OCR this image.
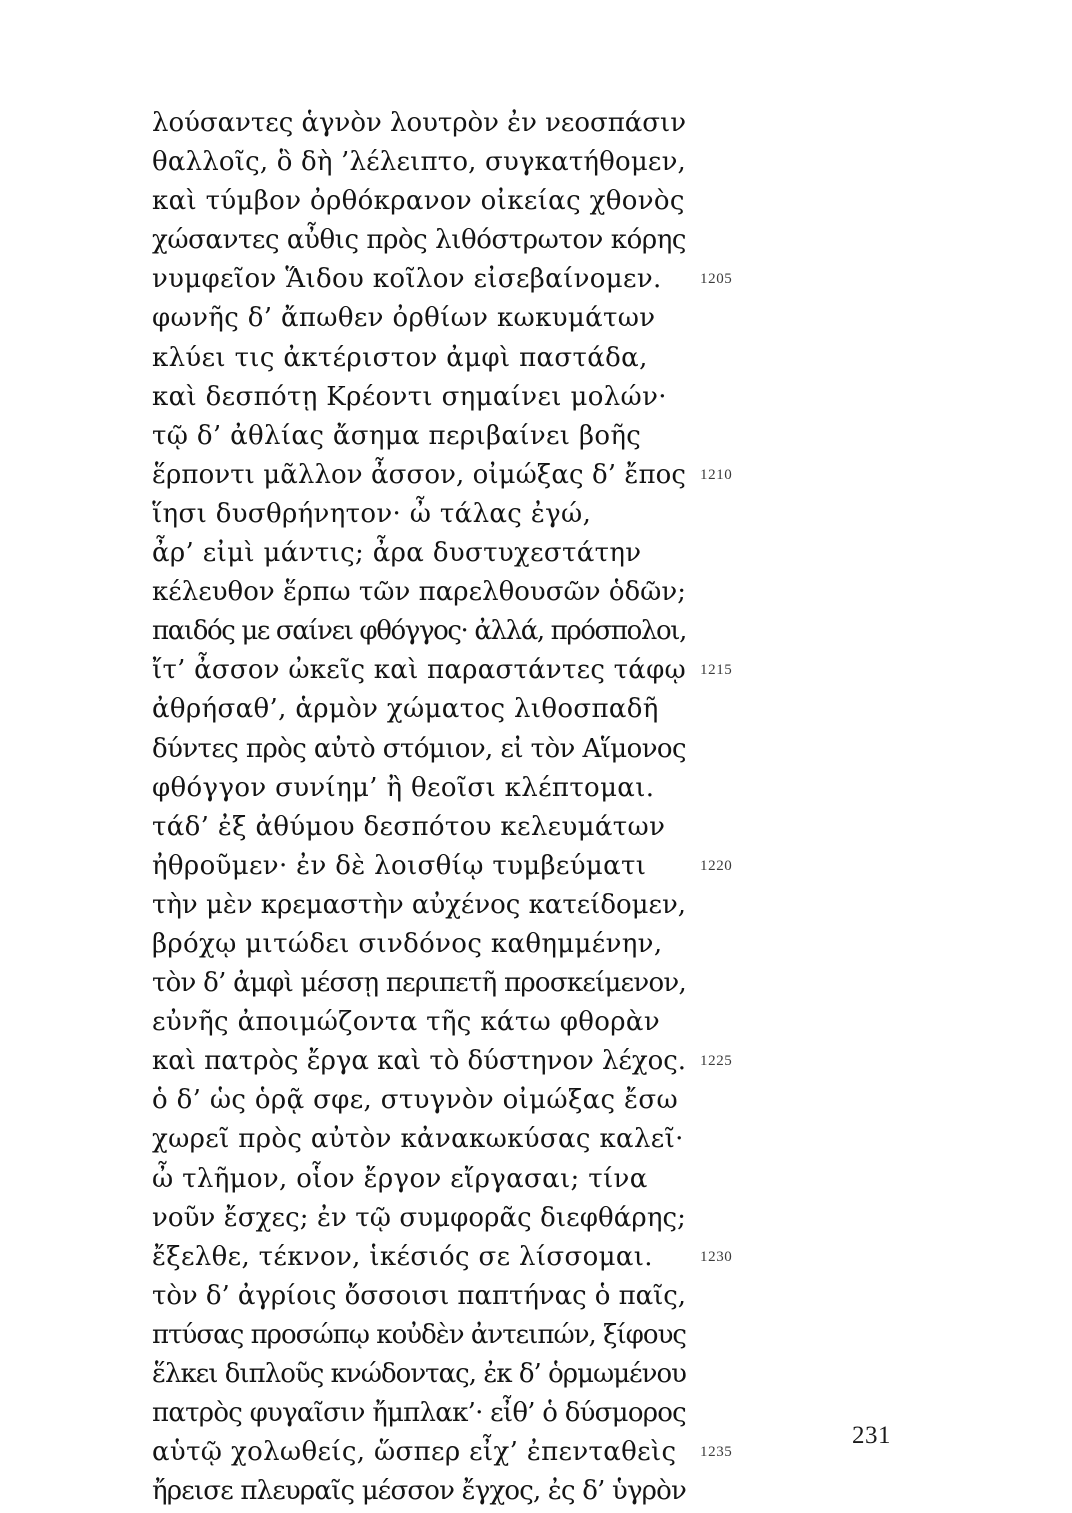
λούσαντες ἁγνὸν λουτρὸν ἐν νεοσπάσιν
θαλλοῖς, ὃ δὴ ’λέλειπτο, συγκατήθομεν,
καὶ τύμβον ὀρθόκρανον οἰκείας χθονὸς
χώσαντες αὖθις πρὸς λιθόστρωτον κόρης
νυμφεῖον Ἅιδου κοῖλον εἰσεβαίνομεν.	1205
φωνῆς δ’ ἄπωθεν ὀρθίων κωκυμάτων
κλύει τις ἀκτέριστον ἀμφὶ παστάδα,
καὶ δεσπότῃ Κρέοντι σημαίνει μολών·
τῷ δ’ ἀθλίας ἄσημα περιβαίνει βοῆς
ἕρποντι μᾶλλον ἆσσον, οἰμώξας δ’ ἔπος 1210
ἵησι δυσθρήνητον· ὦ τάλας ἐγώ,
ἆρ’ εἰμὶ μάντις; ἆρα δυστυχεστάτην
κέλευθον ἕρπω τῶν παρελθουσῶν ὁδῶν;
παιδός με σαίνει φθόγγος· ἀλλά, πρόσπολοι,
ἴτ’ ἆσσον ὠκεῖς καὶ παραστάντες τάφῳ 1215
ἀθρήσαθ’, ἁρμὸν χώματος λιθοσπαδῆ
δύντες πρὸς αὐτὸ στόμιον, εἰ τὸν Αἵμονος
φθόγγον συνίημ’ ἢ θεοῖσι κλέπτομαι.
τάδ’ ἐξ ἀθύμου δεσπότου κελευμάτων
ἠθροῦμεν· ἐν δὲ λοισθίῳ τυμβεύματι	1220
τὴν μὲν κρεμαστὴν αὐχένος κατείδομεν,
βρόχῳ μιτώδει σινδόνος καθημμένην,
τὸν δ’ ἀμφὶ μέσσῃ περιπετῆ προσκείμενον,
εὐνῆς ἀποιμώζοντα τῆς κάτω φθορὰν
καὶ πατρὸς ἔργα καὶ τὸ δύστηνον λέχος. 1225
ὁ δ’ ὡς ὁρᾷ σφε, στυγνὸν οἰμώξας ἔσω
χωρεῖ πρὸς αὐτὸν κἀνακωκύσας καλεῖ·
ὦ τλῆμον, οἷον ἔργον εἴργασαι; τίνα
νοῦν ἔσχες; ἐν τῷ συμφορᾶς διεφθάρης;
ἔξελθε, τέκνον, ἱκέσιός σε λίσσομαι.	1230
τὸν δ’ ἀγρίοις ὄσσοισι παπτήνας ὁ παῖς,
πτύσας προσώπῳ κοὐδὲν ἀντειπών, ξίφους
ἕλκει διπλοῦς κνώδοντας, ἐκ δ’ ὁρμωμένου
πατρὸς φυγαῖσιν ἤμπλακ’· εἶθ’ ὁ δύσμορος
αὑτῷ χολωθείς, ὥσπερ εἶχ’ ἐπενταθεὶς 1235
ἤρεισε πλευραῖς μέσσον ἔγχος, ἐς δ’ ὑγρὸν
231
